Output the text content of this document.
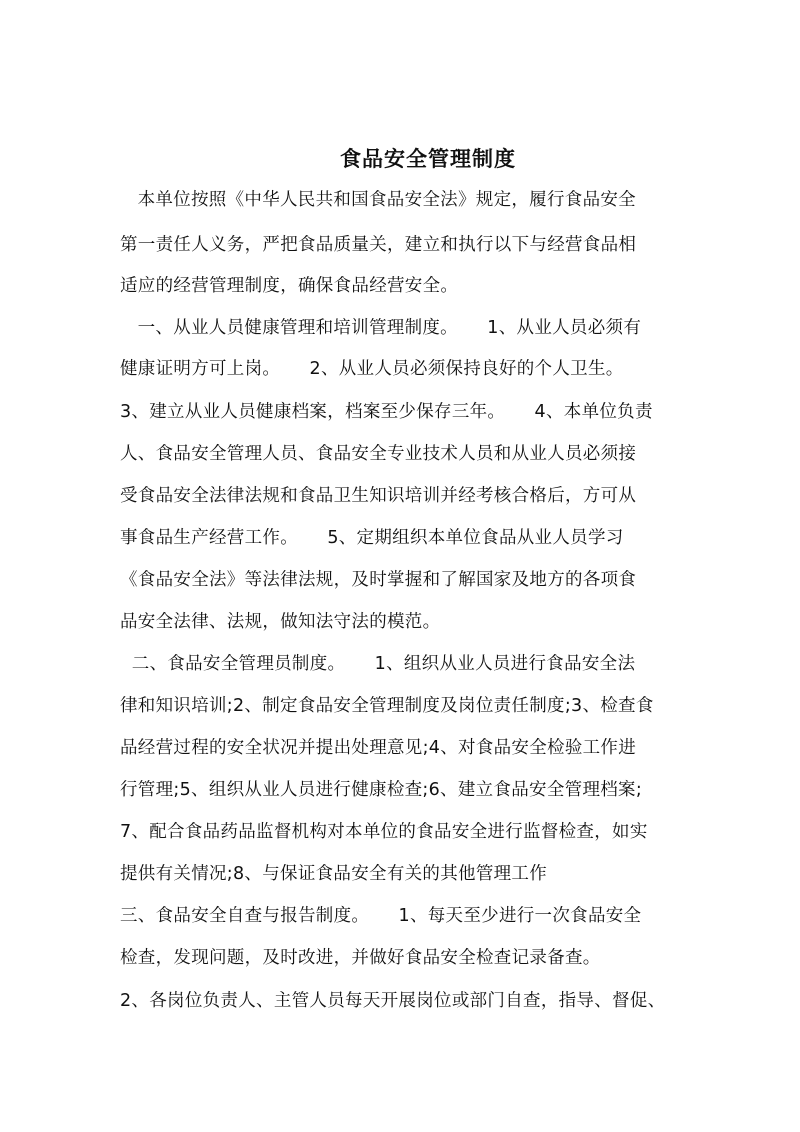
食品安全管理制度
本单位按照《中华人民共和国食品安全法》规定，履行食品安全
第一责任人义务，严把食品质量关，建立和执行以下与经营食品相
适应的经营管理制度，确保食品经营安全。
一、从业人员健康管理和培训管理制度。     1、从业人员必须有
健康证明方可上岗。     2、从业人员必须保持良好的个人卫生。
3、建立从业人员健康档案，档案至少保存三年。     4、本单位负责
人、食品安全管理人员、食品安全专业技术人员和从业人员必须接
受食品安全法律法规和食品卫生知识培训并经考核合格后，方可从
事食品生产经营工作。     5、定期组织本单位食品从业人员学习
《食品安全法》等法律法规，及时掌握和了解国家及地方的各项食
品安全法律、法规，做知法守法的模范。
二、食品安全管理员制度。     1、组织从业人员进行食品安全法
律和知识培训;2、制定食品安全管理制度及岗位责任制度;3、检查食
品经营过程的安全状况并提出处理意见;4、对食品安全检验工作进
行管理;5、组织从业人员进行健康检查;6、建立食品安全管理档案;
7、配合食品药品监督机构对本单位的食品安全进行监督检查，如实
提供有关情况;8、与保证食品安全有关的其他管理工作
三、食品安全自查与报告制度。     1、每天至少进行一次食品安全
检查，发现问题，及时改进，并做好食品安全检查记录备查。
2、各岗位负责人、主管人员每天开展岗位或部门自查，指导、督促、
